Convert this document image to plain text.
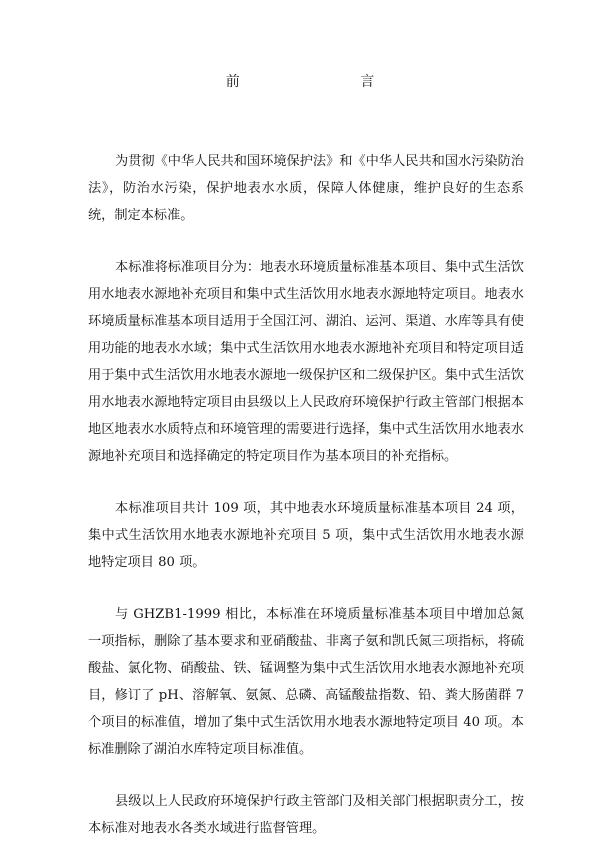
前 言

为贯彻《中华人民共和国环境保护法》和《中华人民共和国水污染防治法》，防治水污染，保护地表水水质，保障人体健康，维护良好的生态系统，制定本标准。

本标准将标准项目分为：地表水环境质量标准基本项目、集中式生活饮用水地表水源地补充项目和集中式生活饮用水地表水源地特定项目。地表水环境质量标准基本项目适用于全国江河、湖泊、运河、渠道、水库等具有使用功能的地表水水域；集中式生活饮用水地表水源地补充项目和特定项目适用于集中式生活饮用水地表水源地一级保护区和二级保护区。集中式生活饮用水地表水源地特定项目由县级以上人民政府环境保护行政主管部门根据本地区地表水水质特点和环境管理的需要进行选择，集中式生活饮用水地表水源地补充项目和选择确定的特定项目作为基本项目的补充指标。

本标准项目共计 109 项，其中地表水环境质量标准基本项目 24 项，集中式生活饮用水地表水源地补充项目 5 项，集中式生活饮用水地表水源地特定项目 80 项。

与 GHZB1-1999 相比，本标准在环境质量标准基本项目中增加总氮一项指标，删除了基本要求和亚硝酸盐、非离子氨和凯氏氮三项指标，将硫酸盐、氯化物、硝酸盐、铁、锰调整为集中式生活饮用水地表水源地补充项目，修订了 pH、溶解氧、氨氮、总磷、高锰酸盐指数、铅、粪大肠菌群 7 个项目的标准值，增加了集中式生活饮用水地表水源地特定项目 40 项。本标准删除了湖泊水库特定项目标准值。

县级以上人民政府环境保护行政主管部门及相关部门根据职责分工，按本标准对地表水各类水域进行监督管理。
